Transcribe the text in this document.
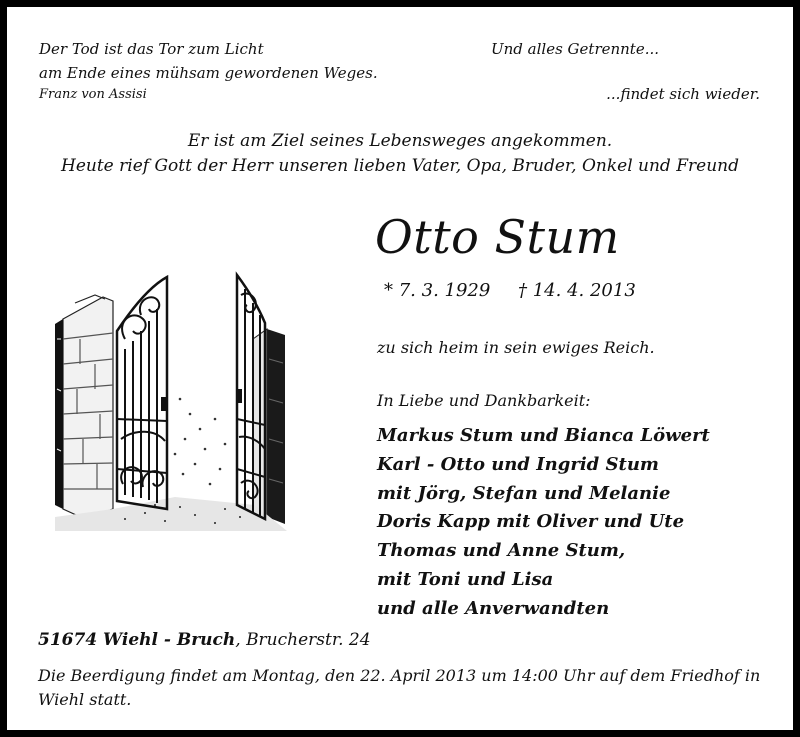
Der Tod ist das Tor zum Licht
am Ende eines mühsam gewordenen Weges.
Franz von Assisi
Und alles Getrennte...
...findet sich wieder.
Er ist am Ziel seines Lebensweges angekommen.
Heute rief Gott der Herr unseren lieben Vater, Opa, Bruder, Onkel und Freund
Otto Stum
* 7. 3. 1929 † 14. 4. 2013
zu sich heim in sein ewiges Reich.
In Liebe und Dankbarkeit:
Markus Stum und Bianca Löwert
Karl - Otto und Ingrid Stum
mit Jörg, Stefan und Melanie
Doris Kapp mit Oliver und Ute
Thomas und Anne Stum,
mit Toni und Lisa
und alle Anverwandten
51674 Wiehl - Bruch, Brucherstr. 24
Die Beerdigung findet am Montag, den 22. April 2013 um 14:00 Uhr auf dem Friedhof in Wiehl statt.
